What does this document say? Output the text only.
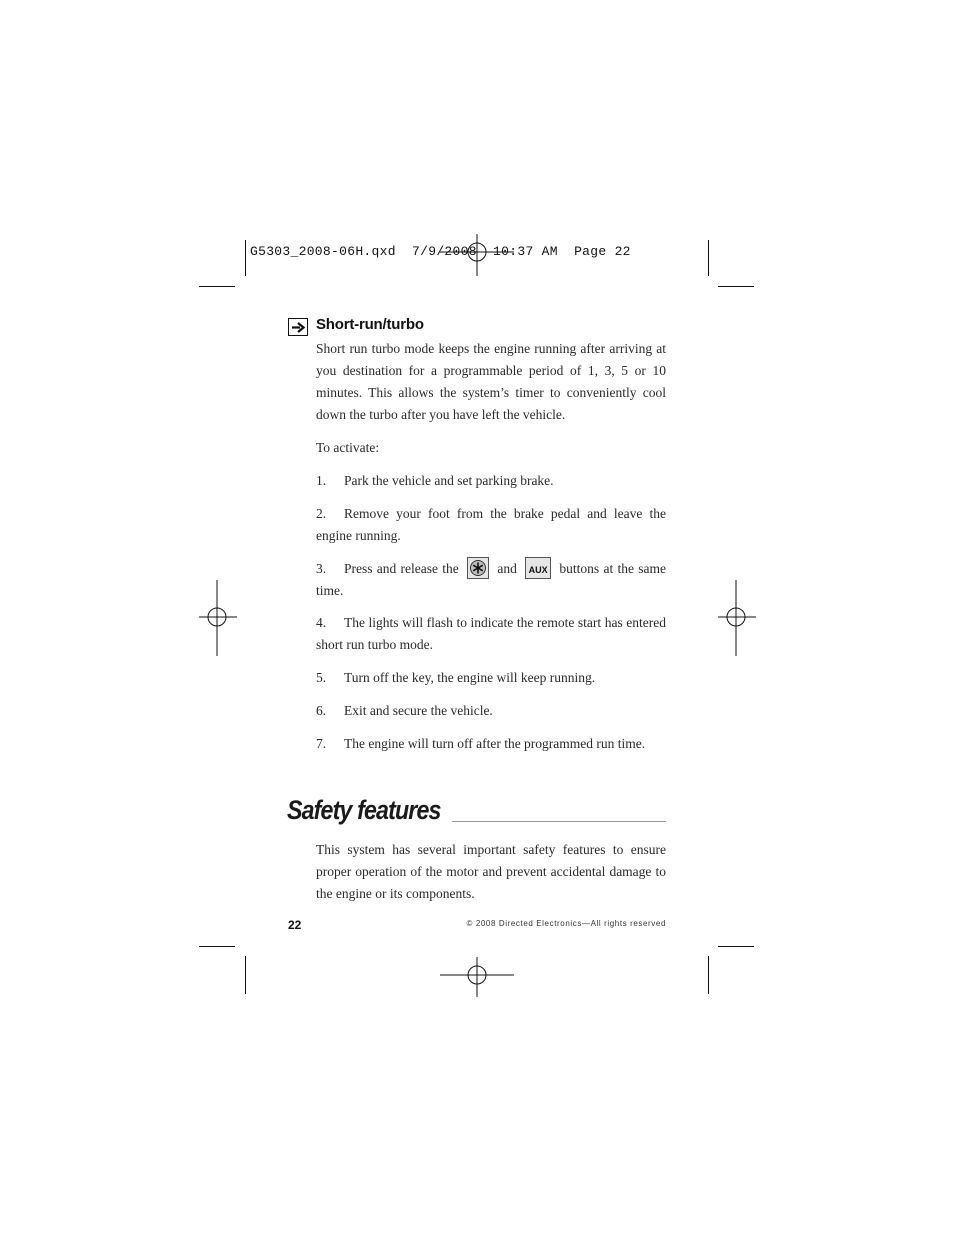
G5303_2008-06H.qxd 7/9/2008 10:37 AM Page 22
Short-run/turbo
Short run turbo mode keeps the engine running after arriving at you destination for a programmable period of 1, 3, 5 or 10 minutes. This allows the system’s timer to conveniently cool down the turbo after you have left the vehicle.
To activate:
1. Park the vehicle and set parking brake.
2. Remove your foot from the brake pedal and leave the engine running.
3. Press and release the	and AUX buttons at the same time.
4. The lights will flash to indicate the remote start has entered short run turbo mode.
5. Turn off the key, the engine will keep running.
6. Exit and secure the vehicle.
7. The engine will turn off after the programmed run time.
Safety features
This system has several important safety features to ensure proper operation of the motor and prevent accidental damage to the engine or its components.
22	© 2008 Directed Electronics—All rights reserved
